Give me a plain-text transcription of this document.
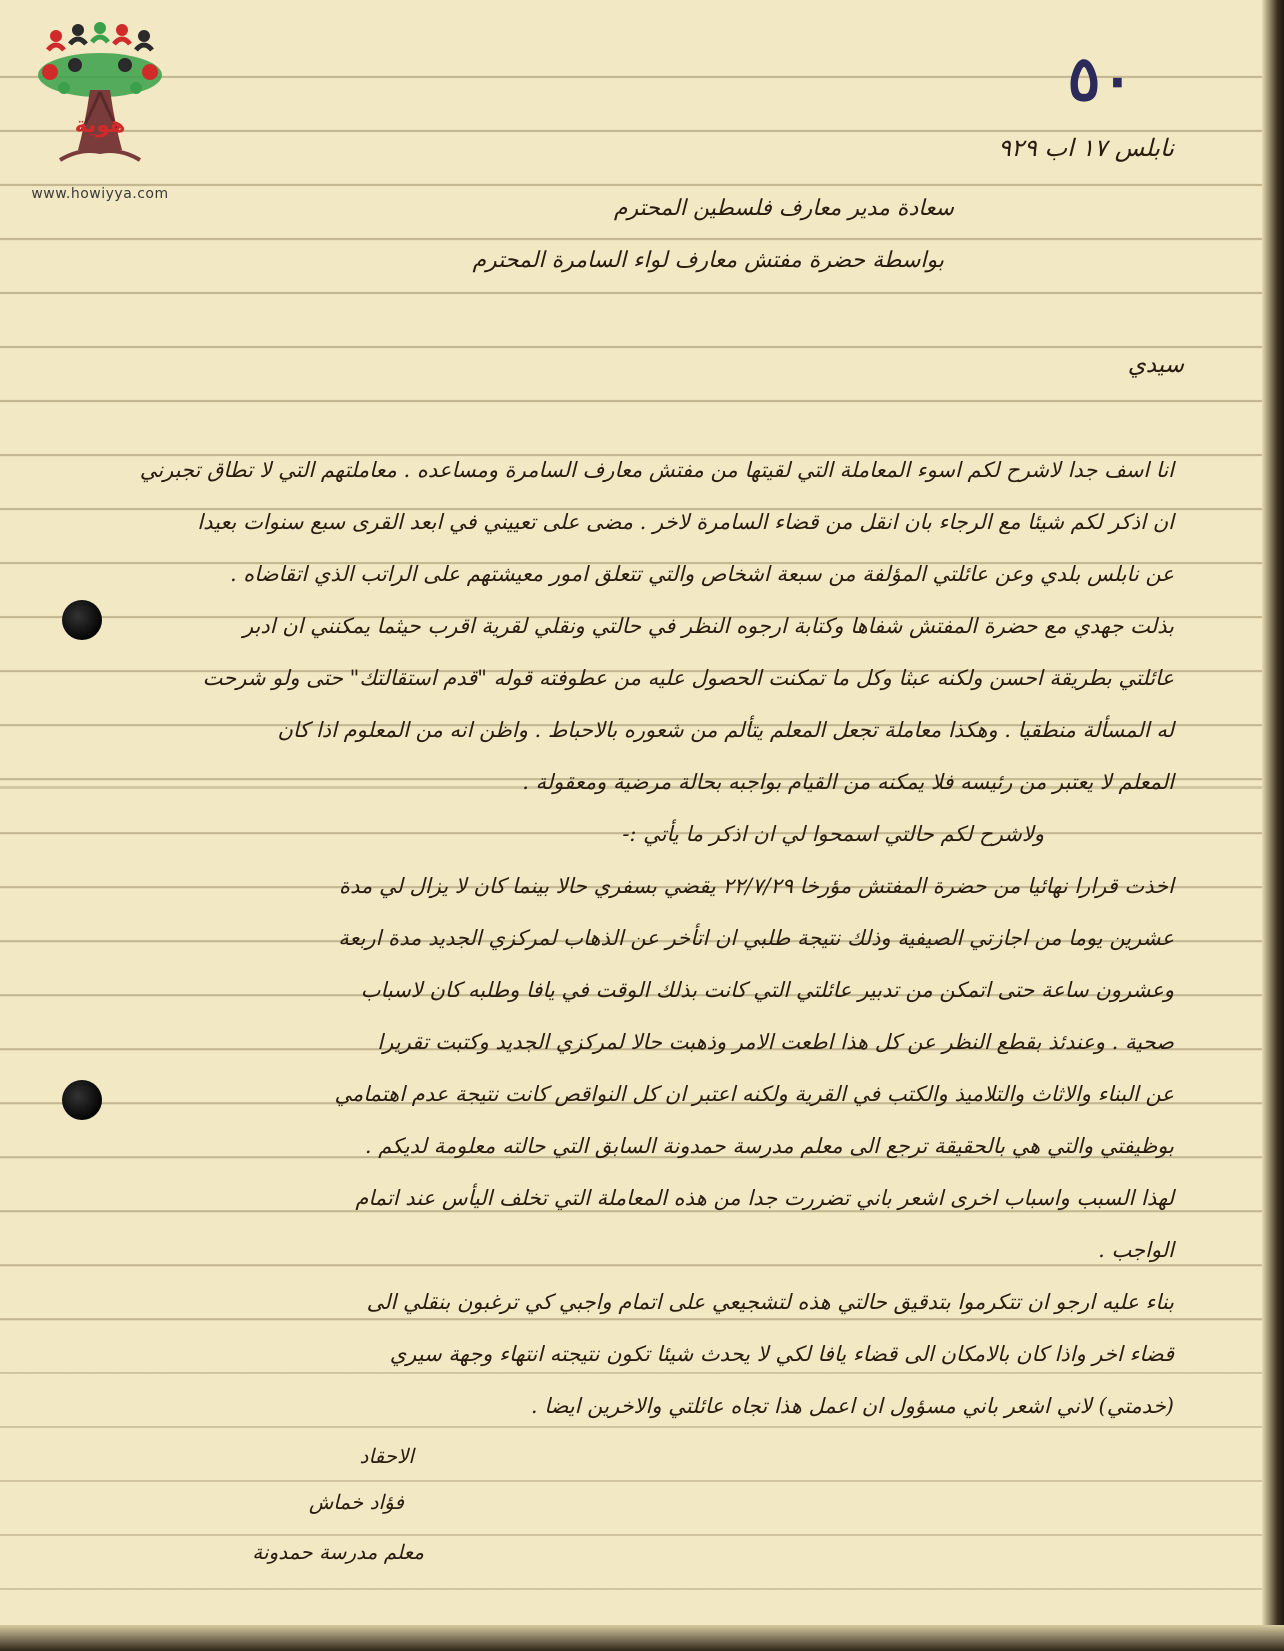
هوية
www.howiyya.com
٥٠
نابلس ١٧ اب ٩٢٩
سعادة مدير معارف فلسطين المحترم
بواسطة حضرة مفتش معارف لواء السامرة المحترم
سيدي
انا اسف جدا لاشرح لكم اسوء المعاملة التي لقيتها من مفتش معارف السامرة ومساعده . معاملتهم التي لا تطاق تجبرني
ان اذكر لكم شيئا مع الرجاء بان انقل من قضاء السامرة لاخر . مضى على تعييني في ابعد القرى سبع سنوات بعيدا
عن نابلس بلدي وعن عائلتي المؤلفة من سبعة اشخاص والتي تتعلق امور معيشتهم على الراتب الذي اتقاضاه .
بذلت جهدي مع حضرة المفتش شفاها وكتابة ارجوه النظر في حالتي ونقلي لقرية اقرب حيثما يمكنني ان ادبر
عائلتي بطريقة احسن ولكنه عبثا وكل ما تمكنت الحصول عليه من عطوفته قوله "قدم استقالتك" حتى ولو شرحت
له المسألة منطقيا . وهكذا معاملة تجعل المعلم يتألم من شعوره بالاحباط . واظن انه من المعلوم اذا كان
المعلم لا يعتبر من رئيسه فلا يمكنه من القيام بواجبه بحالة مرضية ومعقولة .
ولاشرح لكم حالتي اسمحوا لي ان اذكر ما يأتي :-
اخذت قرارا نهائيا من حضرة المفتش مؤرخا ٢٢/٧/٢٩ يقضي بسفري حالا بينما كان لا يزال لي مدة
عشرين يوما من اجازتي الصيفية وذلك نتيجة طلبي ان اتأخر عن الذهاب لمركزي الجديد مدة اربعة
وعشرون ساعة حتى اتمكن من تدبير عائلتي التي كانت بذلك الوقت في يافا وطلبه كان لاسباب
صحية . وعندئذ بقطع النظر عن كل هذا اطعت الامر وذهبت حالا لمركزي الجديد وكتبت تقريرا
عن البناء والاثاث والتلاميذ والكتب في القرية ولكنه اعتبر ان كل النواقص كانت نتيجة عدم اهتمامي
بوظيفتي والتي هي بالحقيقة ترجع الى معلم مدرسة حمدونة السابق التي حالته معلومة لديكم .
لهذا السبب واسباب اخرى اشعر باني تضررت جدا من هذه المعاملة التي تخلف اليأس عند اتمام
الواجب .
بناء عليه ارجو ان تتكرموا بتدقيق حالتي هذه لتشجيعي على اتمام واجبي كي ترغبون بنقلي الى
قضاء اخر واذا كان بالامكان الى قضاء يافا لكي لا يحدث شيئا تكون نتيجته انتهاء وجهة سيري
(خدمتي) لاني اشعر باني مسؤول ان اعمل هذا تجاه عائلتي والاخرين ايضا .
الاحقاد
فؤاد خماش
معلم مدرسة حمدونة
